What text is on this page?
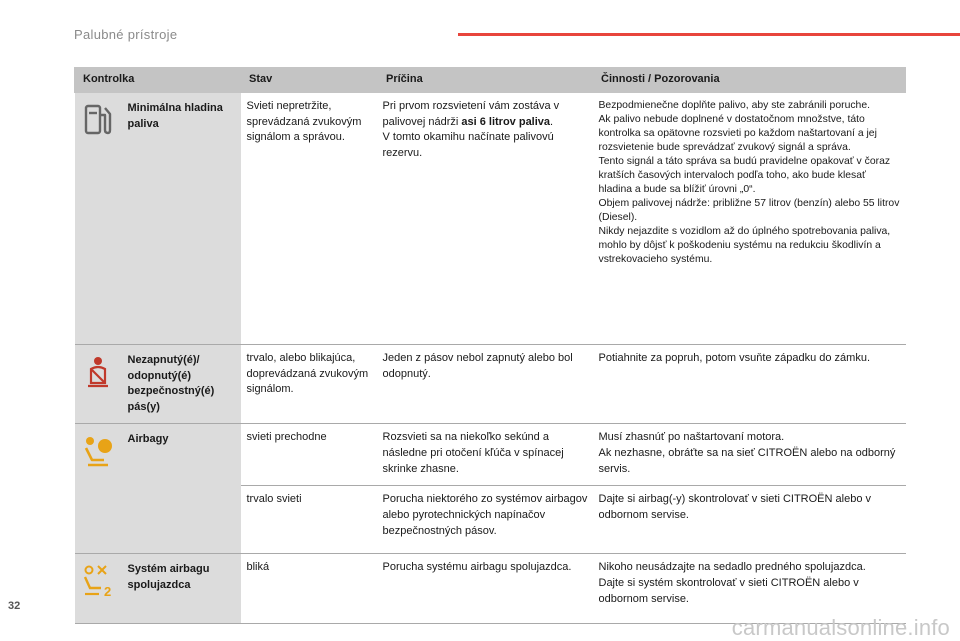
Palubné prístroje
Kontrolka		Stav	Príčina	Činnosti / Pozorovania

	Minimálna hladina paliva	Svieti nepretržite, sprevádzaná zvukovým signálom a správou.	Pri prvom rozsvietení vám zostáva v palivovej nádrži asi 6 litrov paliva.
V tomto okamihu načínate palivovú rezervu.	Bezpodmienečne doplňte palivo, aby ste zabránili poruche.
Ak palivo nebude doplnené v dostatočnom množstve, táto kontrolka sa opätovne rozsvieti po každom naštartovaní a jej rozsvietenie bude sprevádzať zvukový signál a správa.
Tento signál a táto správa sa budú pravidelne opakovať v čoraz kratších časových intervaloch podľa toho, ako bude klesať hladina a bude sa blížiť úrovni „0“.
Objem palivovej nádrže: približne 57 litrov (benzín) alebo 55 litrov (Diesel).
Nikdy nejazdite s vozidlom až do úplného spotrebovania paliva, mohlo by dôjsť k poškodeniu systému na redukciu škodlivín a vstrekovacieho systému.

	Nezapnutý(é)/ odopnutý(é) bezpečnostný(é) pás(y)	trvalo, alebo blikajúca, doprevádzaná zvukovým signálom.	Jeden z pásov nebol zapnutý alebo bol odopnutý.	Potiahnite za popruh, potom vsuňte západku do zámku.

	Airbagy	svieti prechodne	Rozsvieti sa na niekoľko sekúnd a následne pri otočení kľúča v spínacej skrinke zhasne.	Musí zhasnúť po naštartovaní motora.
Ak nezhasne, obráťte sa na sieť CITROËN alebo na odborný servis.

		trvalo svieti	Porucha niektorého zo systémov airbagov alebo pyrotechnických napínačov bezpečnostných pásov.	Dajte si airbag(-y) skontrolovať v sieti CITROËN alebo v odbornom servise.

2	Systém airbagu spolujazdca	bliká	Porucha systému airbagu spolujazdca.	Nikoho neusádzajte na sedadlo predného spolujazdca.
Dajte si systém skontrolovať v sieti CITROËN alebo v odbornom servise.
32
carmanualsonline.info
